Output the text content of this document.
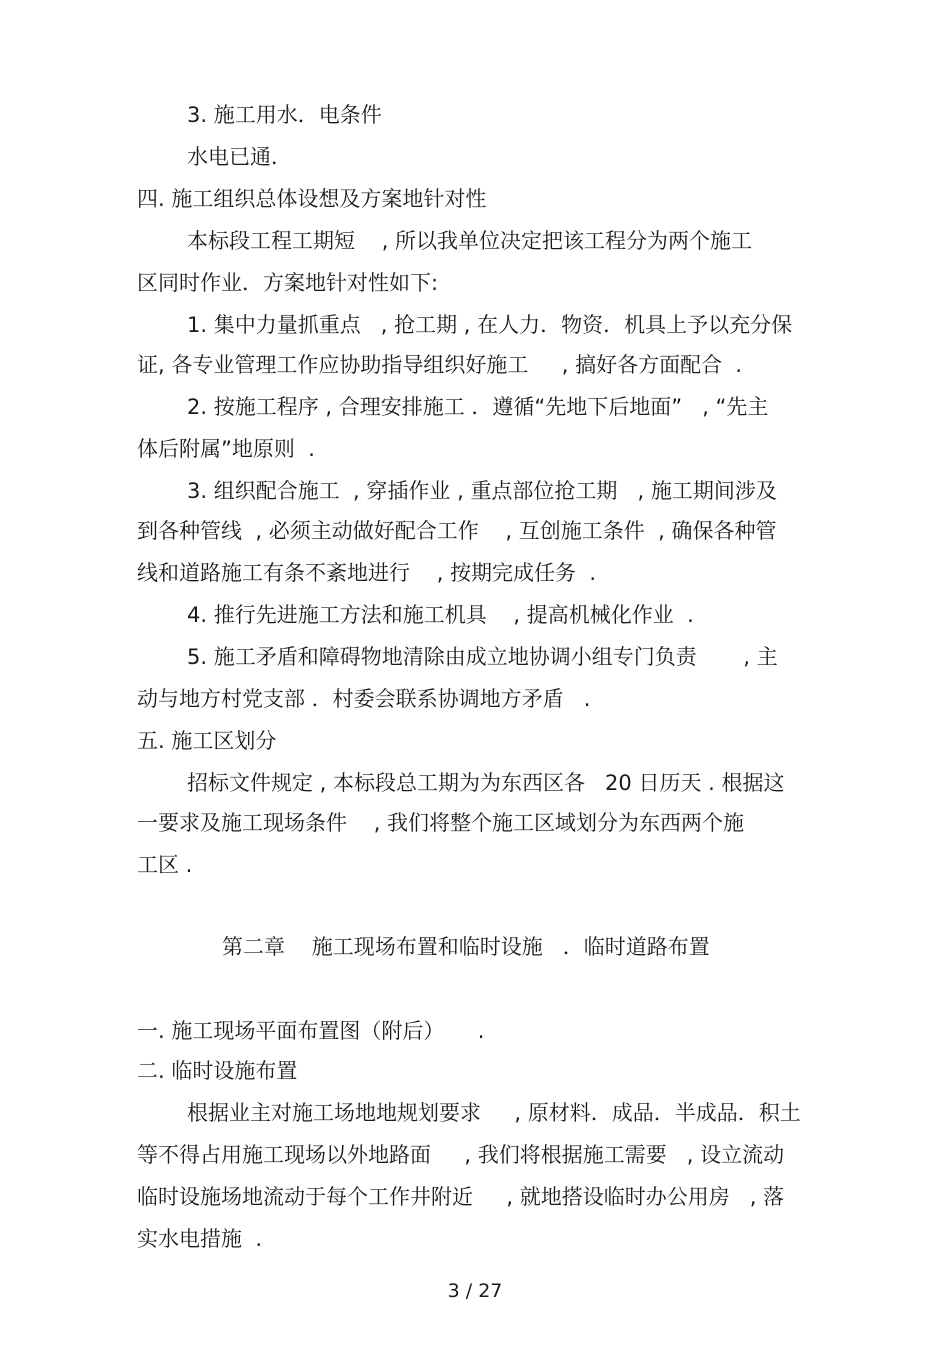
3. 施工用水．电条件
水电已通．
四. 施工组织总体设想及方案地针对性
本标段工程工期短    , 所以我单位决定把该工程分为两个施工
区同时作业．方案地针对性如下:
1. 集中力量抓重点   , 抢工期 , 在人力．物资．机具上予以充分保
证, 各专业管理工作应协助指导组织好施工     , 搞好各方面配合  .
2. 按施工程序 , 合理安排施工 ．遵循“先地下后地面”   , “先主
体后附属”地原则  .
3. 组织配合施工  , 穿插作业 , 重点部位抢工期   , 施工期间涉及
到各种管线  , 必须主动做好配合工作    , 互创施工条件  , 确保各种管
线和道路施工有条不紊地进行    , 按期完成任务  .
4. 推行先进施工方法和施工机具    , 提高机械化作业  .
5. 施工矛盾和障碍物地清除由成立地协调小组专门负责       , 主
动与地方村党支部 ．村委会联系协调地方矛盾   .
五. 施工区划分
招标文件规定 , 本标段总工期为为东西区各   20 日历天 . 根据这
一要求及施工现场条件    , 我们将整个施工区域划分为东西两个施
工区 .
第二章    施工现场布置和临时设施   ．临时道路布置
一. 施工现场平面布置图（附后）     .
二. 临时设施布置
根据业主对施工场地地规划要求     , 原材料．成品．半成品．积土
等不得占用施工现场以外地路面     , 我们将根据施工需要   , 设立流动
临时设施场地流动于每个工作井附近     , 就地搭设临时办公用房   , 落
实水电措施  .
3 / 27
